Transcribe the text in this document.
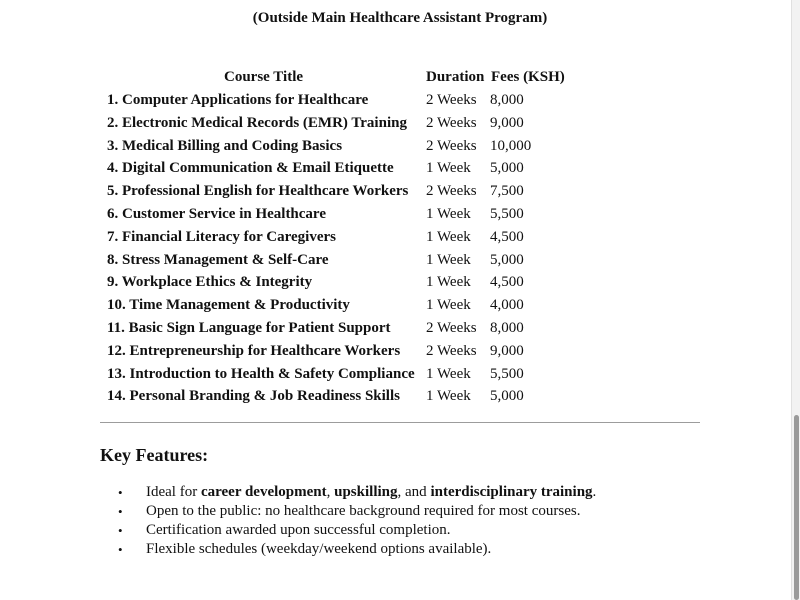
(Outside Main Healthcare Assistant Program)
Course Title	Duration Fees (KSH)
1. Computer Applications for Healthcare	2 Weeks 8,000
2. Electronic Medical Records (EMR) Training 2 Weeks 9,000
3. Medical Billing and Coding Basics	2 Weeks 10,000
4. Digital Communication & Email Etiquette 1 Week 5,000
5. Professional English for Healthcare Workers 2 Weeks 7,500
6. Customer Service in Healthcare	1 Week 5,500
7. Financial Literacy for Caregivers	1 Week 4,500
8. Stress Management & Self-Care	1 Week 5,000
9. Workplace Ethics & Integrity	1 Week 4,500
10. Time Management & Productivity	1 Week 4,000
11. Basic Sign Language for Patient Support 2 Weeks 8,000
12. Entrepreneurship for Healthcare Workers 2 Weeks 9,000
13. Introduction to Health & Safety Compliance 1 Week 5,500
14. Personal Branding & Job Readiness Skills 1 Week 5,000
Key Features:
• Ideal for career development, upskilling, and interdisciplinary training.
• Open to the public: no healthcare background required for most courses.
• Certification awarded upon successful completion.
• Flexible schedules (weekday/weekend options available).
